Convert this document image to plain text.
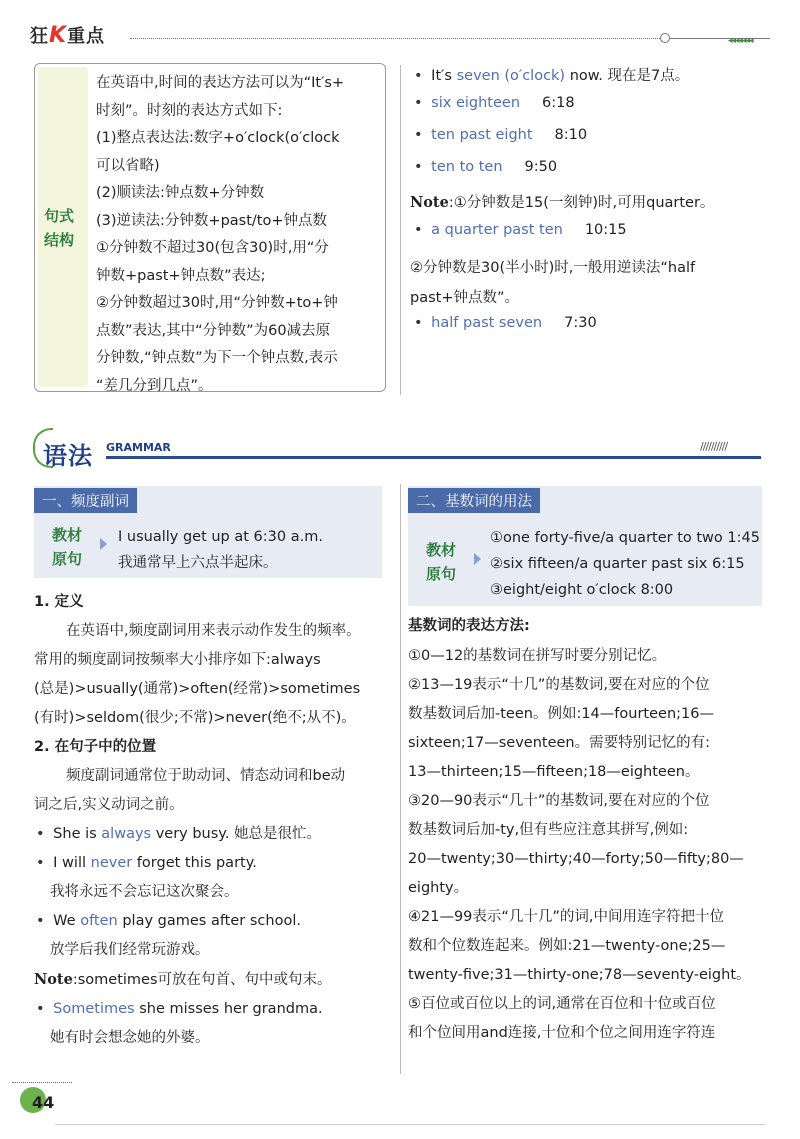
狂K重点	◂◂◂◂◂◂◂
句式
结构
在英语中,时间的表达方法可以为“It′s+
时刻”。时刻的表达方式如下:
(1)整点表达法:数字+o′clock(o′clock
可以省略)
(2)顺读法:钟点数+分钟数
(3)逆读法:分钟数+past/to+钟点数
①分钟数不超过30(包含30)时,用“分
钟数+past+钟点数”表达;
②分钟数超过30时,用“分钟数+to+钟
点数”表达,其中“分钟数”为60减去原
分钟数,“钟点数”为下一个钟点数,表示
“差几分到几点”。
• It′s seven (o′clock) now. 现在是7点。
• six eighteen 6:18
• ten past eight 8:10
• ten to ten 9:50
Note:①分钟数是15(一刻钟)时,可用quarter。
• a quarter past ten 10:15
②分钟数是30(半小时)时,一般用逆读法“half
past+钟点数”。
• half past seven 7:30
语法 GRAMMAR	//////////
一、频度副词
教材
原句
I usually get up at 6:30 a.m.
我通常早上六点半起床。
1. 定义
在英语中,频度副词用来表示动作发生的频率。
常用的频度副词按频率大小排序如下:always
(总是)>usually(通常)>often(经常)>sometimes
(有时)>seldom(很少;不常)>never(绝不;从不)。
2. 在句子中的位置
频度副词通常位于助动词、情态动词和be动
词之后,实义动词之前。
• She is always very busy. 她总是很忙。
• I will never forget this party.
我将永远不会忘记这次聚会。
• We often play games after school.
放学后我们经常玩游戏。
Note:sometimes可放在句首、句中或句末。
• Sometimes she misses her grandma.
她有时会想念她的外婆。
二、基数词的用法
教材
原句
①one forty-five/a quarter to two 1:45
②six fifteen/a quarter past six 6:15
③eight/eight o′clock 8:00
基数词的表达方法:
①0—12的基数词在拼写时要分别记忆。
②13—19表示“十几”的基数词,要在对应的个位
数基数词后加-teen。例如:14—fourteen;16—
sixteen;17—seventeen。需要特别记忆的有:
13—thirteen;15—fifteen;18—eighteen。
③20—90表示“几十”的基数词,要在对应的个位
数基数词后加-ty,但有些应注意其拼写,例如:
20—twenty;30—thirty;40—forty;50—fifty;80—
eighty。
④21—99表示“几十几”的词,中间用连字符把十位
数和个位数连起来。例如:21—twenty-one;25—
twenty-five;31—thirty-one;78—seventy-eight。
⑤百位或百位以上的词,通常在百位和十位或百位
和个位间用and连接,十位和个位之间用连字符连
44
